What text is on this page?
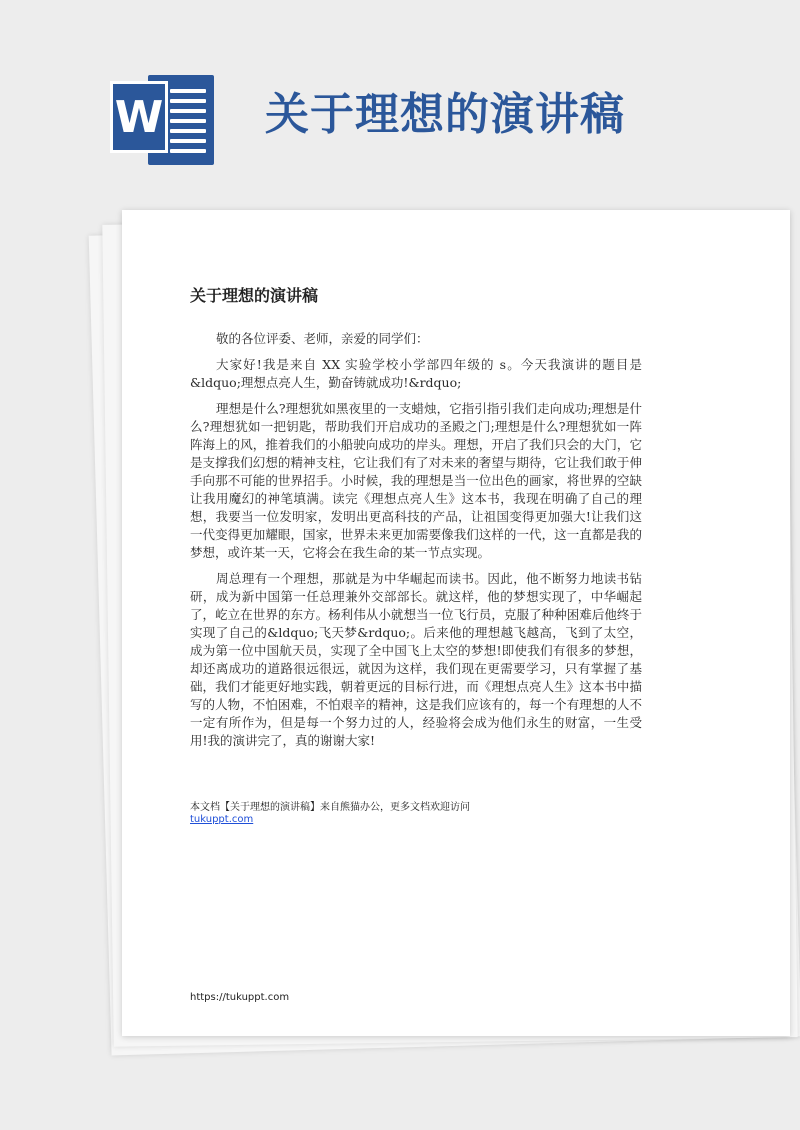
W 关于理想的演讲稿
关于理想的演讲稿

敬的各位评委、老师，亲爱的同学们：

大家好!我是来自 XX 实验学校小学部四年级的 s。今天我演讲的题目是&ldquo;理想点亮人生，勤奋铸就成功!&rdquo;

理想是什么?理想犹如黑夜里的一支蜡烛，它指引指引我们走向成功;理想是什么?理想犹如一把钥匙，帮助我们开启成功的圣殿之门;理想是什么?理想犹如一阵阵海上的风，推着我们的小船驶向成功的岸头。理想，开启了我们只会的大门，它是支撑我们幻想的精神支柱，它让我们有了对未来的奢望与期待，它让我们敢于伸手向那不可能的世界招手。小时候，我的理想是当一位出色的画家，将世界的空缺让我用魔幻的神笔填满。读完《理想点亮人生》这本书，我现在明确了自己的理想，我要当一位发明家，发明出更高科技的产品，让祖国变得更加强大!让我们这一代变得更加耀眼，国家，世界未来更加需要像我们这样的一代，这一直都是我的梦想，或许某一天，它将会在我生命的某一节点实现。

周总理有一个理想，那就是为中华崛起而读书。因此，他不断努力地读书钻研，成为新中国第一任总理兼外交部部长。就这样，他的梦想实现了，中华崛起了，屹立在世界的东方。杨利伟从小就想当一位飞行员，克服了种种困难后他终于实现了自己的&ldquo;飞天梦&rdquo;。后来他的理想越飞越高，飞到了太空，成为第一位中国航天员，实现了全中国飞上太空的梦想!即使我们有很多的梦想，却还离成功的道路很远很远，就因为这样，我们现在更需要学习，只有掌握了基础，我们才能更好地实践，朝着更远的目标行进，而《理想点亮人生》这本书中描写的人物，不怕困难，不怕艰辛的精神，这是我们应该有的，每一个有理想的人不一定有所作为，但是每一个努力过的人，经验将会成为他们永生的财富，一生受用!我的演讲完了，真的谢谢大家!

本文档【关于理想的演讲稿】来自熊猫办公，更多文档欢迎访问
tukuppt.com
https://tukuppt.com
